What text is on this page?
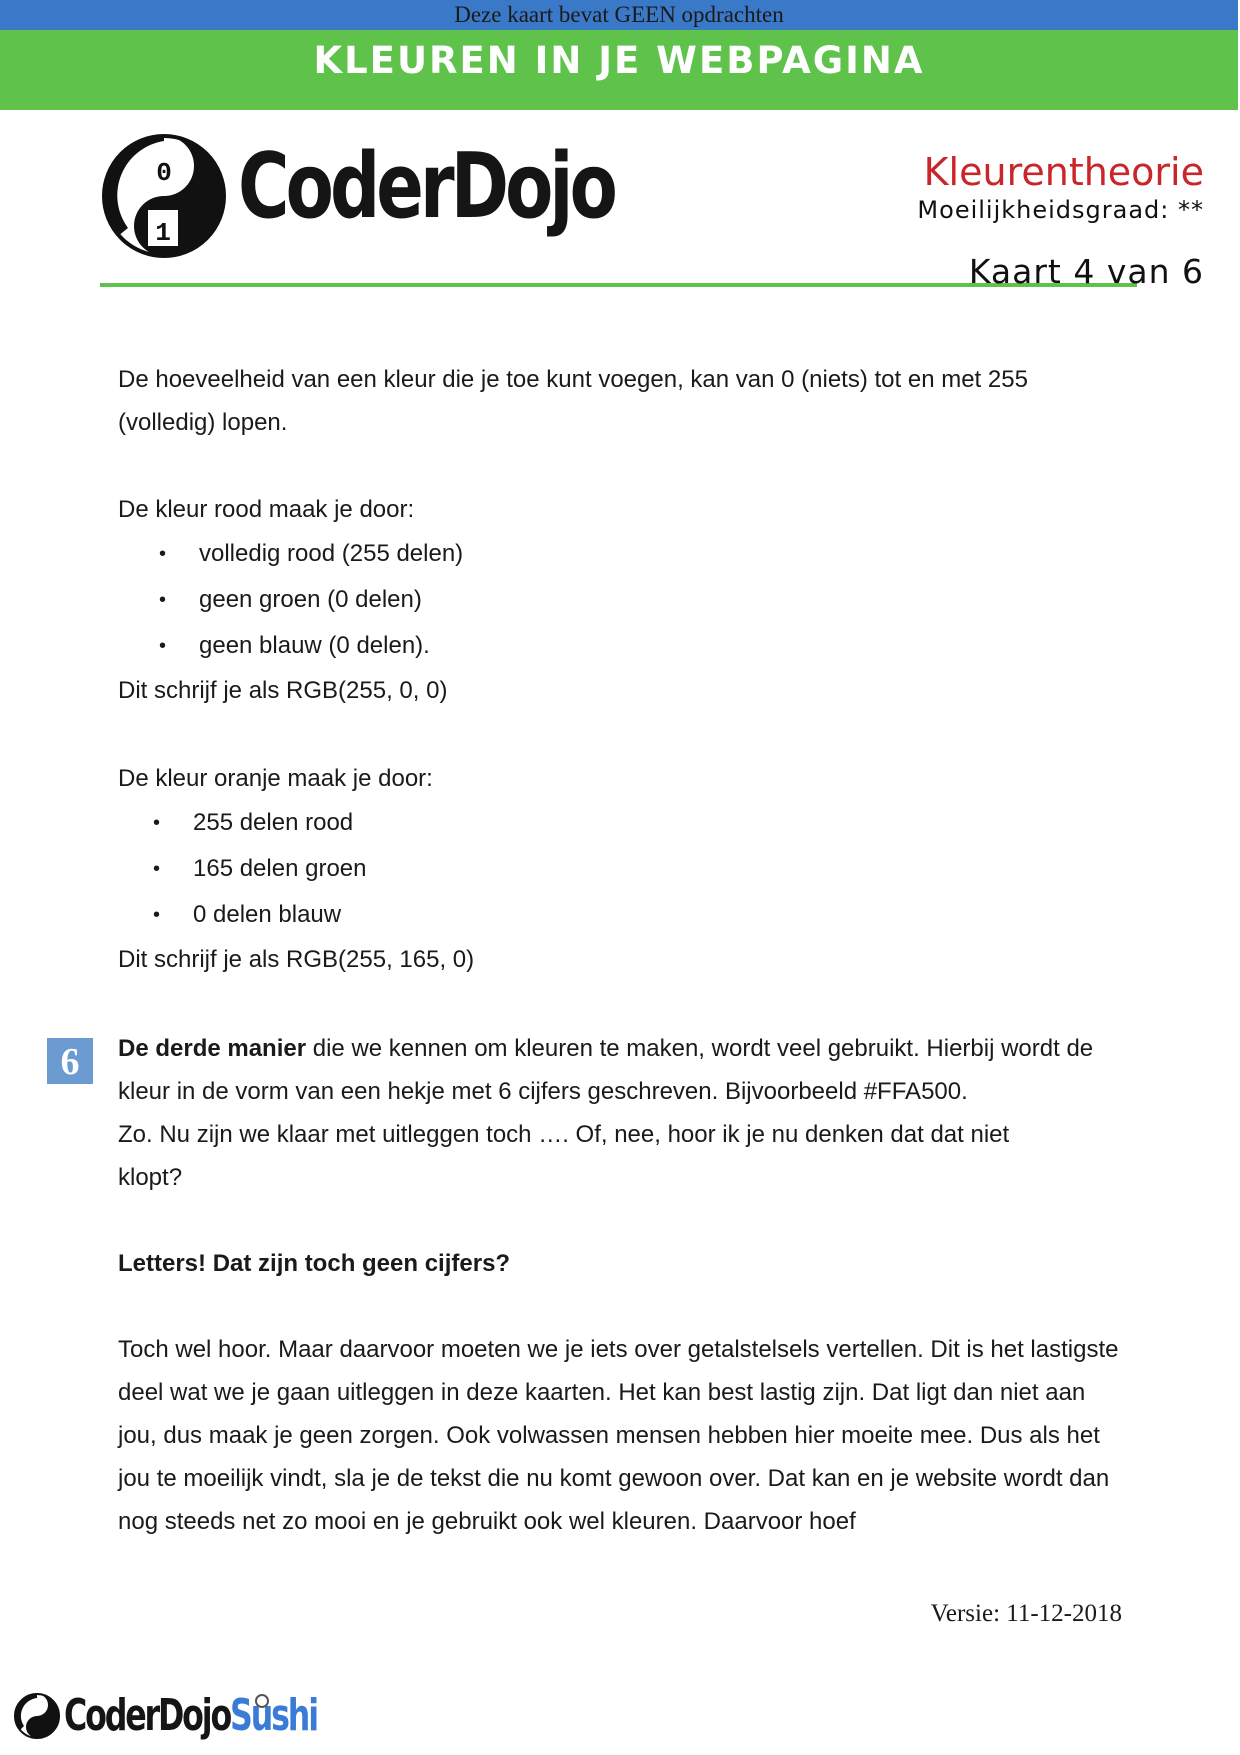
Deze kaart bevat GEEN opdrachten
KLEUREN IN JE WEBPAGINA
0
1 CoderDojo	Kleurentheorie
Moeilijkheidsgraad: **
Kaart 4 van 6

De hoeveelheid van een kleur die je toe kunt voegen, kan van 0 (niets) tot en met 255 (volledig) lopen.

De kleur rood maak je door:

• volledig rood (255 delen)
• geen groen (0 delen)
• geen blauw (0 delen).

Dit schrijf je als RGB(255, 0, 0)

De kleur oranje maak je door:

• 255 delen rood
• 165 delen groen
• 0 delen blauw

Dit schrijf je als RGB(255, 165, 0)

6	De derde manier die we kennen om kleuren te maken, wordt veel gebruikt. Hierbij wordt de kleur in de vorm van een hekje met 6 cijfers geschreven. Bijvoorbeeld #FFA500.

Zo. Nu zijn we klaar met uitleggen toch …. Of, nee, hoor ik je nu denken dat dat niet klopt?

Letters! Dat zijn toch geen cijfers?

Toch wel hoor. Maar daarvoor moeten we je iets over getalstelsels vertellen. Dit is het lastigste deel wat we je gaan uitleggen in deze kaarten. Het kan best lastig zijn. Dat ligt dan niet aan jou, dus maak je geen zorgen. Ook volwassen mensen hebben hier moeite mee. Dus als het jou te moeilijk vindt, sla je de tekst die nu komt gewoon over. Dat kan en je website wordt dan nog steeds net zo mooi en je gebruikt ook wel kleuren. Daarvoor hoef

Versie: 11-12-2018
CoderDojoSushi
